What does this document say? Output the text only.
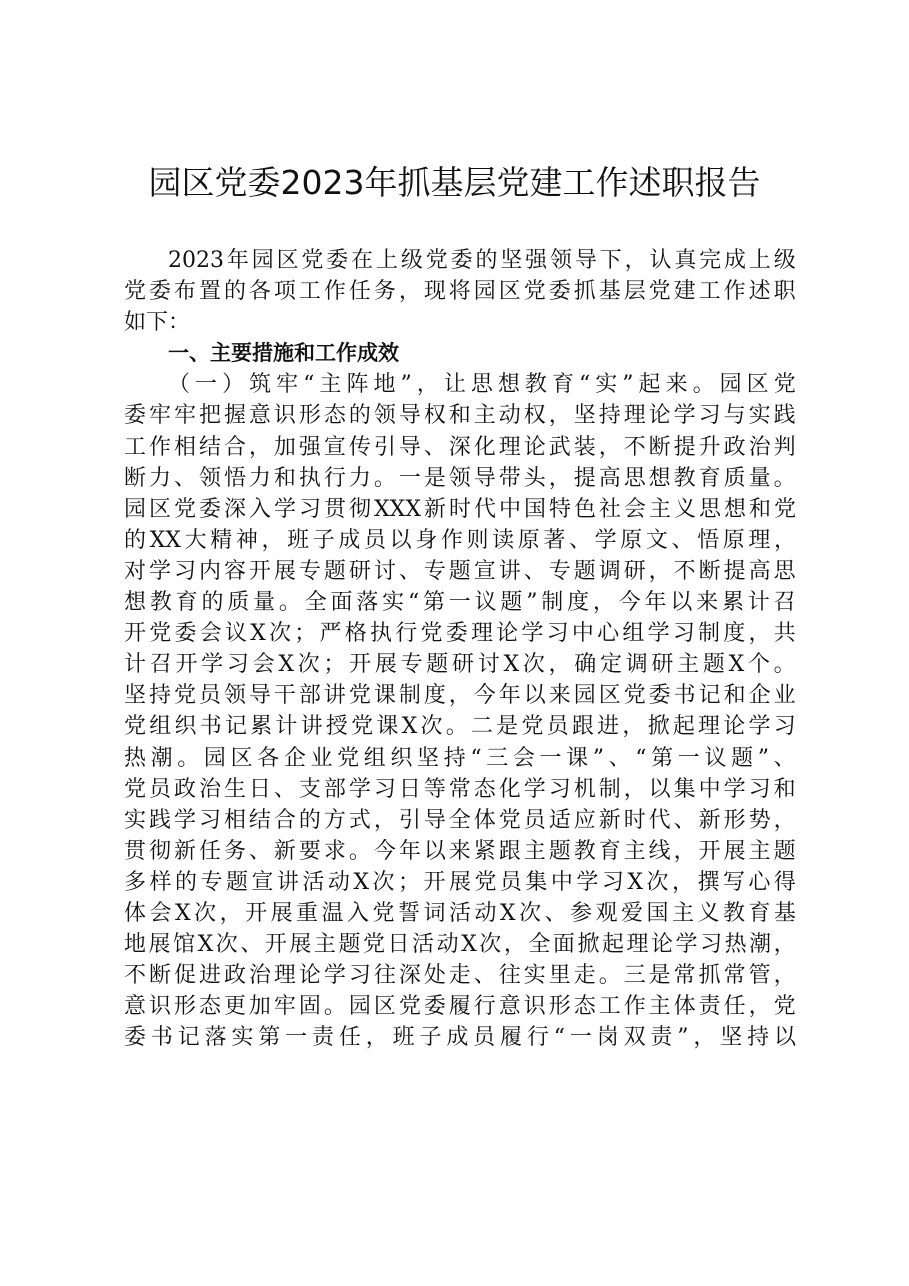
园区党委2023年抓基层党建工作述职报告
2023 年 园 区 党 委 在 上 级 党 委 的 坚 强 领 导 下 ， 认 真 完 成 上 级
党 委 布 置 的 各 项 工 作 任 务 ， 现 将 园 区 党 委 抓 基 层 党 建 工 作 述 职
如下：
一、主要措施和工作成效
（ 一 ） 筑 牢 “ 主 阵 地 ” ， 让 思 想 教 育 “ 实 ” 起 来 。 园 区 党
委 牢 牢 把 握 意 识 形 态 的 领 导 权 和 主 动 权 ， 坚 持 理 论 学 习 与 实 践
工 作 相 结 合 ， 加 强 宣 传 引 导 、 深 化 理 论 武 装 ， 不 断 提 升 政 治 判
断 力 、 领 悟 力 和 执 行 力 。 一 是 领 导 带 头 ， 提 高 思 想 教 育 质 量 。
园 区 党 委 深 入 学 习 贯 彻 XXX 新 时 代 中 国 特 色 社 会 主 义 思 想 和 党
的 XX 大 精 神 ， 班 子 成 员 以 身 作 则 读 原 著 、 学 原 文 、 悟 原 理 ，
对 学 习 内 容 开 展 专 题 研 讨 、 专 题 宣 讲 、 专 题 调 研 ， 不 断 提 高 思
想 教 育 的 质 量 。 全 面 落 实 “ 第 一 议 题 ” 制 度 ， 今 年 以 来 累 计 召
开 党 委 会 议 X 次 ； 严 格 执 行 党 委 理 论 学 习 中 心 组 学 习 制 度 ， 共
计 召 开 学 习 会 X 次 ； 开 展 专 题 研 讨 X 次 ， 确 定 调 研 主 题 X 个 。
坚 持 党 员 领 导 干 部 讲 党 课 制 度 ， 今 年 以 来 园 区 党 委 书 记 和 企 业
党 组 织 书 记 累 计 讲 授 党 课 X 次 。 二 是 党 员 跟 进 ， 掀 起 理 论 学 习
热 潮 。 园 区 各 企 业 党 组 织 坚 持 “ 三 会 一 课 ” 、 “ 第 一 议 题 ” 、
党 员 政 治 生 日 、 支 部 学 习 日 等 常 态 化 学 习 机 制 ， 以 集 中 学 习 和
实 践 学 习 相 结 合 的 方 式 ， 引 导 全 体 党 员 适 应 新 时 代 、 新 形 势 ，
贯 彻 新 任 务 、 新 要 求 。 今 年 以 来 紧 跟 主 题 教 育 主 线 ， 开 展 主 题
多 样 的 专 题 宣 讲 活 动 X 次 ； 开 展 党 员 集 中 学 习 X 次 ， 撰 写 心 得
体 会 X 次 ， 开 展 重 温 入 党 誓 词 活 动 X 次 、 参 观 爱 国 主 义 教 育 基
地 展 馆 X 次 、 开 展 主 题 党 日 活 动 X 次 ， 全 面 掀 起 理 论 学 习 热 潮 ，
不 断 促 进 政 治 理 论 学 习 往 深 处 走 、 往 实 里 走 。 三 是 常 抓 常 管 ，
意 识 形 态 更 加 牢 固 。 园 区 党 委 履 行 意 识 形 态 工 作 主 体 责 任 ， 党
委 书 记 落 实 第 一 责 任 ， 班 子 成 员 履 行 “ 一 岗 双 责 ” ， 坚 持 以
